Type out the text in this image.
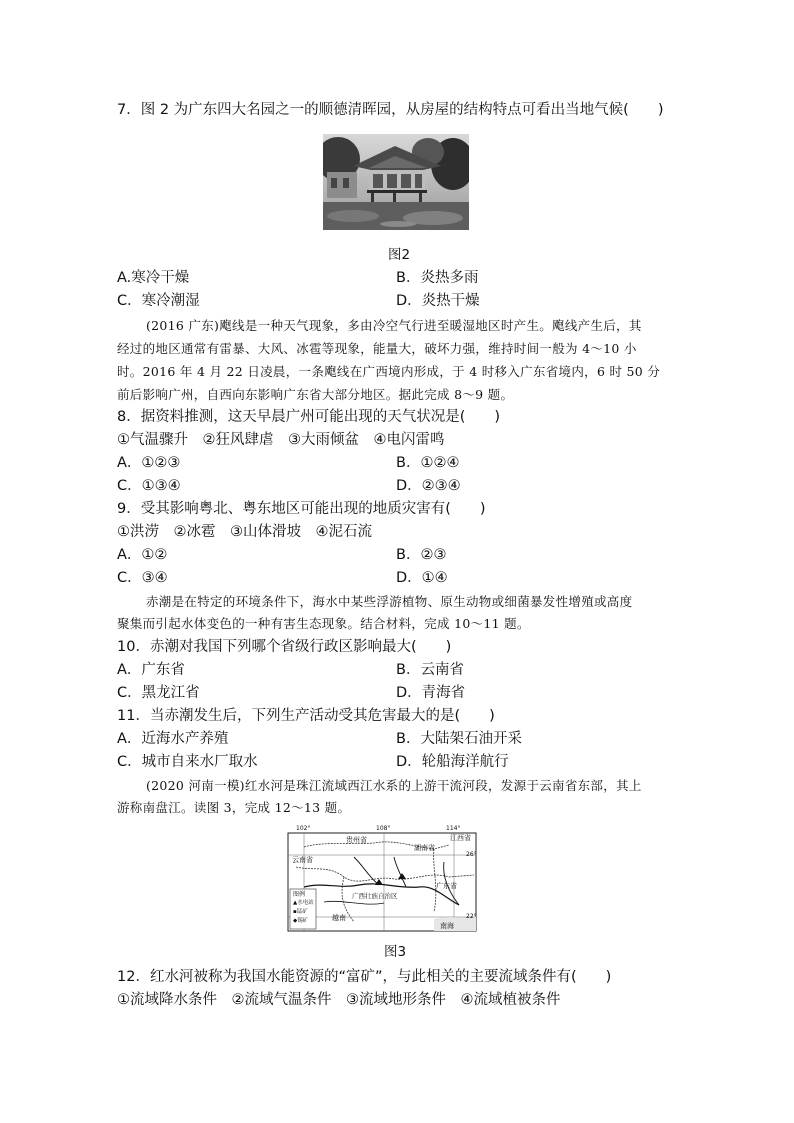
7．图 2 为广东四大名园之一的顺德清晖园，从房屋的结构特点可看出当地气候(　　)
图2
A.寒冷干燥	B．炎热多雨
C．寒冷潮湿	D．炎热干燥
(2016 广东)飑线是一种天气现象，多由冷空气行进至暖湿地区时产生。飑线产生后，其
经过的地区通常有雷暴、大风、冰雹等现象，能量大，破坏力强，维持时间一般为 4～10 小
时。2016 年 4 月 22 日凌晨，一条飑线在广西境内形成，于 4 时移入广东省境内，6 时 50 分
前后影响广州，自西向东影响广东省大部分地区。据此完成 8～9 题。
8．据资料推测，这天早晨广州可能出现的天气状况是(　　)
①气温骤升　②狂风肆虐　③大雨倾盆　④电闪雷鸣
A．①②③	B．①②④
C．①③④	D．②③④
9．受其影响粤北、粤东地区可能出现的地质灾害有(　　)
①洪涝　②冰雹　③山体滑坡　④泥石流
A．①②	B．②③
C．③④	D．①④
赤潮是在特定的环境条件下，海水中某些浮游植物、原生动物或细菌暴发性增殖或高度
聚集而引起水体变色的一种有害生态现象。结合材料，完成 10～11 题。
10．赤潮对我国下列哪个省级行政区影响最大(　　)
A．广东省	B．云南省
C．黑龙江省	D．青海省
11．当赤潮发生后，下列生产活动受其危害最大的是(　　)
A．近海水产养殖	B．大陆架石油开采
C．城市自来水厂取水	D．轮船海洋航行
(2020 河南一模)红水河是珠江流域西江水系的上游干流河段，发源于云南省东部，其上
游称南盘江。读图 3，完成 12～13 题。
102°	108°	114°
26°
22°
贵州省
湖南省
江西省
云南省
广西壮族自治区
广东省
越南
南海
图例
▲水电站
▪锰矿
◆锡矿
图3
12．红水河被称为我国水能资源的“富矿”，与此相关的主要流域条件有(　　)
①流域降水条件　②流域气温条件　③流域地形条件　④流域植被条件
